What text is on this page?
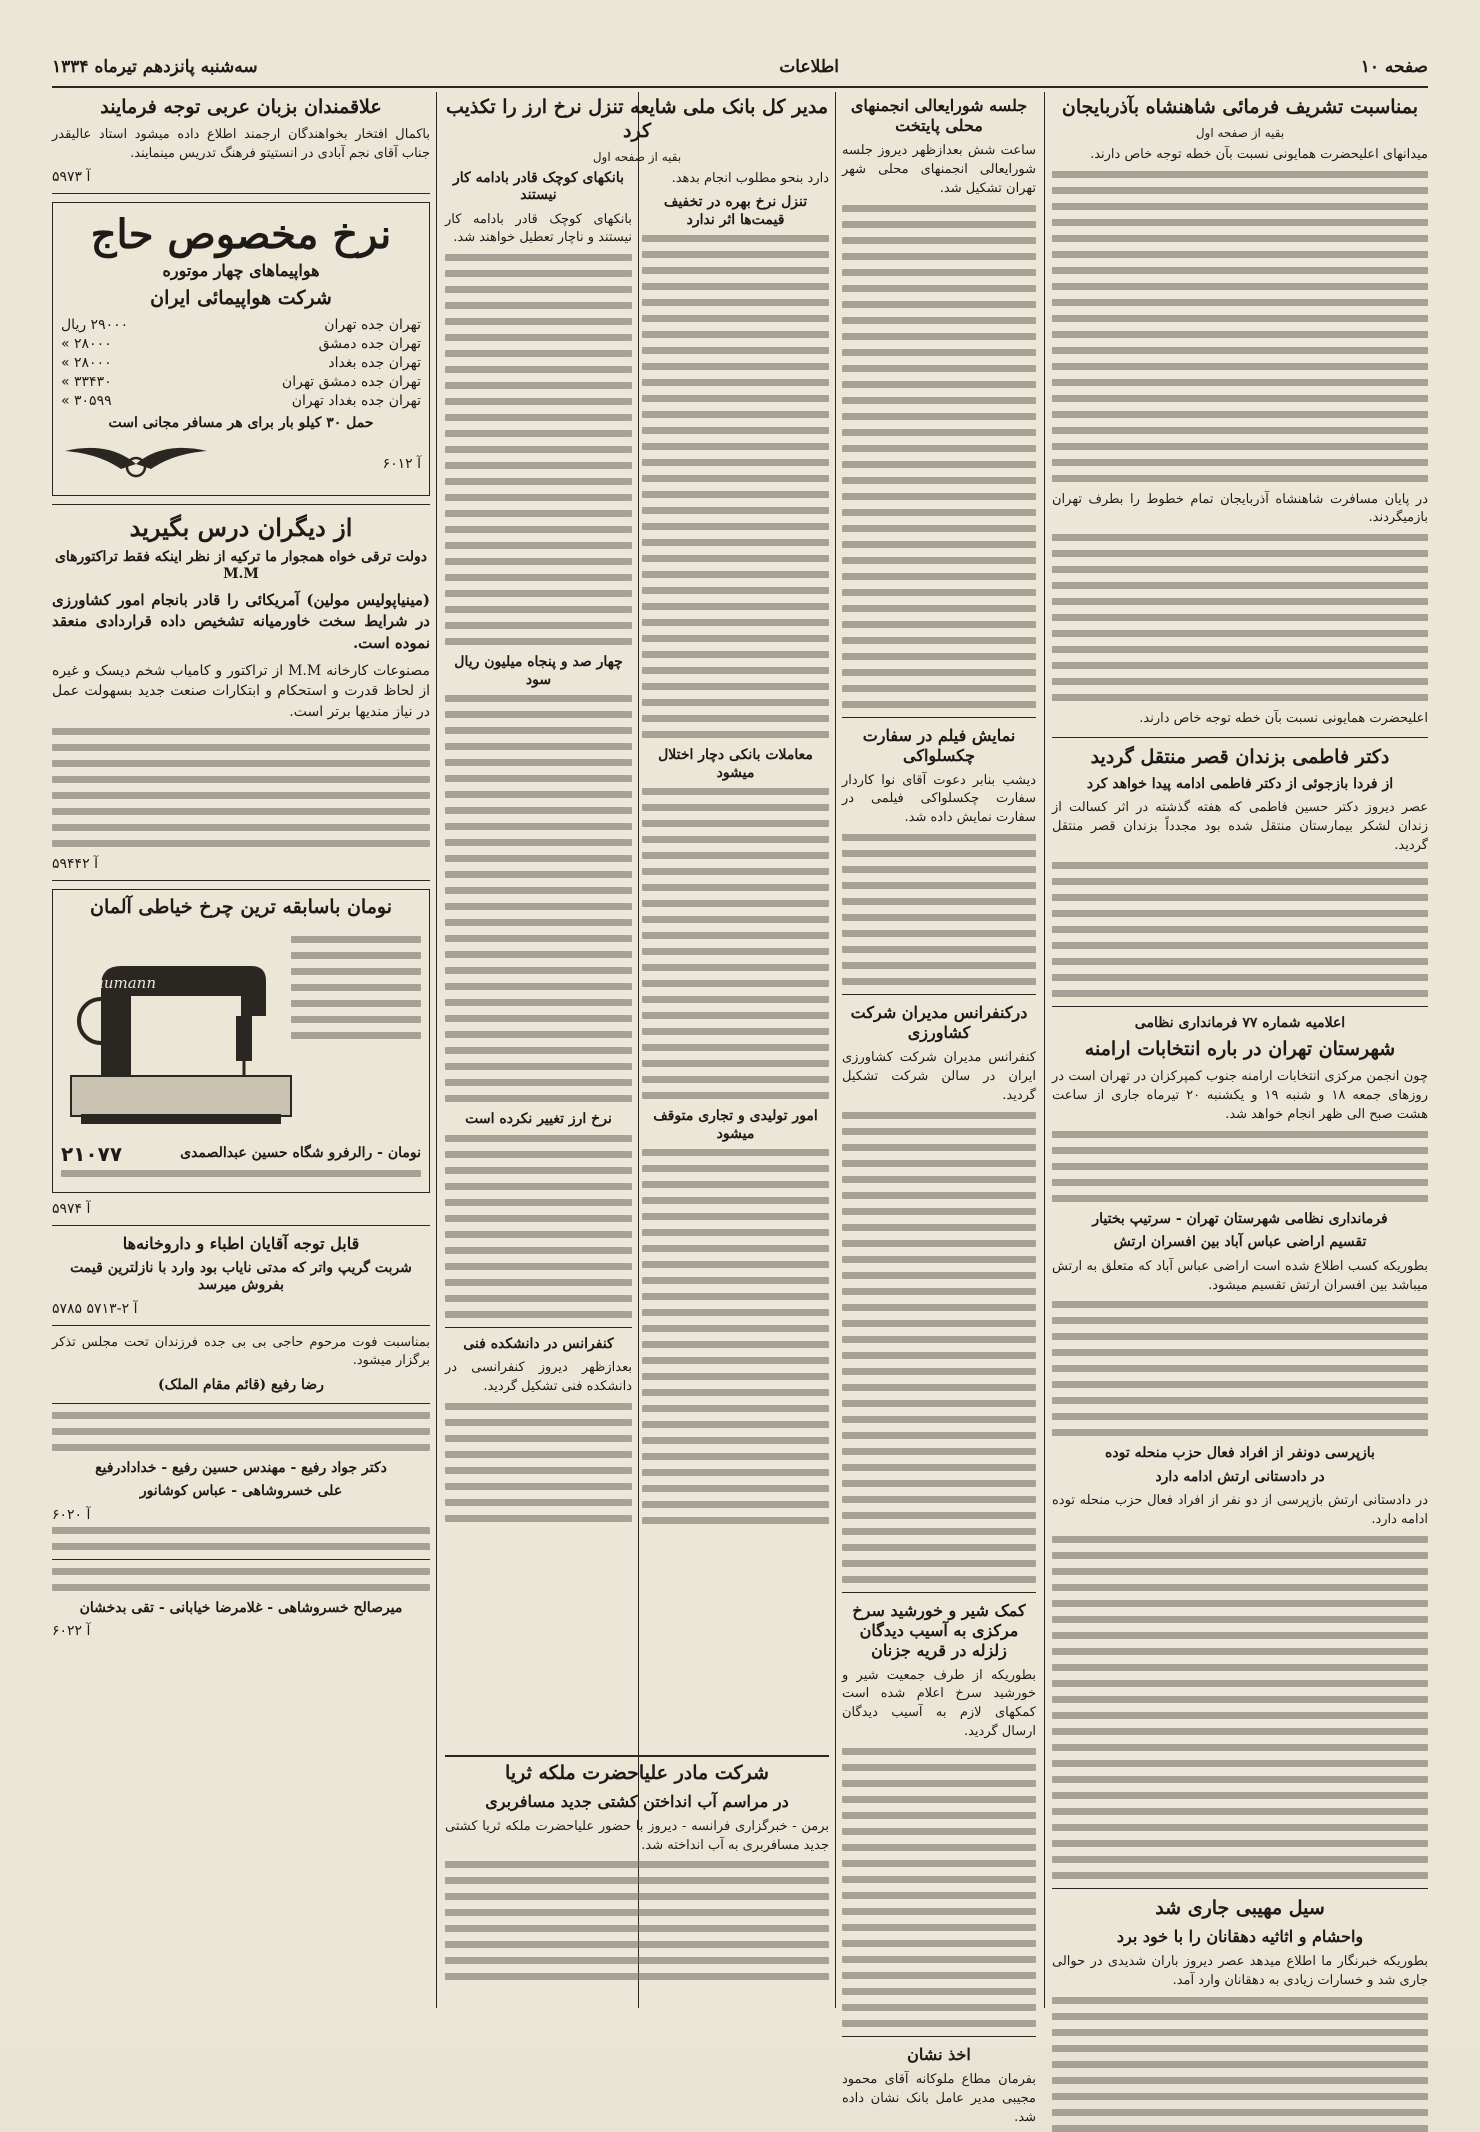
صفحه ۱۰
اطلاعات
سه‌شنبه پانزدهم تیرماه ۱۳۳۴
بمناسبت تشریف فرمائی شاهنشاه بآذربایجان
بقیه از صفحه اول

میدانهای اعلیحضرت همایونی نسبت بآن خطه توجه خاص دارند.

در پایان مسافرت شاهنشاه آذربایجان تمام خطوط را بطرف تهران بازمیگردند.

اعلیحضرت همایونی نسبت بآن خطه توجه خاص دارند.

دکتر فاطمی بزندان قصر منتقل گردید
از فردا بازجوئی از دکتر فاطمی ادامه پیدا خواهد کرد

عصر دیروز دکتر حسین فاطمی که هفته گذشته در اثر کسالت از زندان لشکر بیمارستان منتقل شده بود مجدداً بزندان قصر منتقل گردید.

اعلامیه شماره ۷۷ فرمانداری نظامی
شهرستان تهران در باره انتخابات ارامنه

چون انجمن مرکزی انتخابات ارامنه جنوب کمپرکزان در تهران است در روزهای جمعه ۱۸ و شنبه ۱۹ و یکشنبه ۲۰ تیرماه جاری از ساعت هشت صبح الی ظهر انجام خواهد شد.

فرمانداری نظامی شهرستان تهران - سرتیپ بختیار
تقسیم اراضی عباس آباد بین افسران ارتش

بطوریکه کسب اطلاع شده است اراضی عباس آباد که متعلق به ارتش میباشد بین افسران ارتش تقسیم میشود.

بازپرسی دونفر از افراد فعال حزب منحله توده
در دادستانی ارتش ادامه دارد

در دادستانی ارتش بازپرسی از دو نفر از افراد فعال حزب منحله توده ادامه دارد.

سیل مهیبی جاری شد
واحشام و اثاثیه دهقانان را با خود برد

بطوریکه خبرنگار ما اطلاع میدهد عصر دیروز باران شدیدی در حوالی جاری شد و خسارات زیادی به دهقانان وارد آمد.

جلسه شورایعالی انجمنهای محلی پایتخت

ساعت شش بعدازظهر دیروز جلسه شورایعالی انجمنهای محلی شهر تهران تشکیل شد.

نمایش فیلم در سفارت چکسلواکی

دیشب بنابر دعوت آقای نوا کاردار سفارت چکسلواکی فیلمی در سفارت نمایش داده شد.

درکنفرانس مدیران شرکت کشاورزی

کنفرانس مدیران شرکت کشاورزی ایران در سالن شرکت تشکیل گردید.

کمک شیر و خورشید سرخ مرکزی به آسیب دیدگان زلزله در قریه جزنان

بطوریکه از طرف جمعیت شیر و خورشید سرخ اعلام شده است کمکهای لازم به آسیب دیدگان ارسال گردید.

اخذ نشان

بفرمان مطاع ملوکانه آقای محمود مجیبی مدیر عامل بانک نشان داده شد.

مدیر کل بانک ملی شایعه تنزل نرخ ارز را تکذیب کرد
بقیه از صفحه اول

دارد بنحو مطلوب انجام بدهد.

تنزل نرخ بهره در تخفیف قیمت‌ها اثر ندارد
معاملات بانکی دچار اختلال میشود
امور تولیدی و تجاری متوقف میشود
بانکهای کوچک قادر بادامه کار نیستند

بانکهای کوچک قادر بادامه کار نیستند و ناچار تعطیل خواهند شد.

چهار صد و پنجاه میلیون ریال سود
نرخ ارز تغییر نکرده است
کنفرانس در دانشکده فنی

بعدازظهر دیروز کنفرانسی در دانشکده فنی تشکیل گردید.

شرکت مادر علیاحضرت ملکه ثریا
در مراسم آب انداختن کشتی جدید مسافربری

برمن - خبرگزاری فرانسه - دیروز با حضور علیاحضرت ملکه ثریا کشتی جدید مسافربری به آب انداخته شد.

علاقمندان بزبان عربی توجه فرمایند

باکمال افتخار بخواهندگان ارجمند اطلاع داده میشود استاد عالیقدر جناب آقای نجم آبادی در انستیتو فرهنگ تدریس مینمایند.

۵۹۷۳ آ
نرخ مخصوص حاج
هواپیماهای چهار موتوره
شرکت هواپیمائی ایران
تهران جده تهران
۲۹۰۰۰ ریال
تهران جده دمشق
۲۸۰۰۰ »
تهران جده بغداد
۲۸۰۰۰ »
تهران جده دمشق تهران
۳۳۴۳۰ »
تهران جده بغداد تهران
۳۰۵۹۹ »
حمل ۳۰ کیلو بار برای هر مسافر مجانی است
۶۰۱۲ آ
از دیگران درس بگیرید
دولت ترقی خواه همجوار ما ترکیه از نظر اینکه فقط تراکتورهای M.M

(مینیاپولیس مولین) آمریکائی را قادر بانجام امور کشاورزی در شرایط سخت خاورمیانه تشخیص داده قراردادی منعقد نموده است.

مصنوعات کارخانه M.M از تراکتور و کامیاب شخم دیسک و غیره از لحاظ قدرت و استحکام و ابتکارات صنعت جدید بسهولت عمل در نیاز مندیها برتر است.

۵۹۴۴۲ آ
نومان باسابقه ترین چرخ خیاطی آلمان
Naumann
نومان - رالرفرو شگاه حسین عبدالصمدی
۲۱۰۷۷
۵۹۷۴ آ
قابل توجه آقایان اطباء و داروخانه‌ها
شربت گریپ واتر که مدتی نایاب بود وارد با نازلترین قیمت بفروش میرسد
۵۷۸۵ ۵۷۱۳-۲ آ

بمناسبت فوت مرحوم حاجی بی بی جده فرزندان تحت مجلس تذکر برگزار میشود.

رضا رفیع (قائم مقام الملک)
دکتر جواد رفیع - مهندس حسین رفیع - خدادادرفیع
علی خسروشاهی - عباس کوشانور
۶۰۲۰ آ
میرصالح خسروشاهی - غلامرضا خیابانی - تقی بدخشان
۶۰۲۲ آ
